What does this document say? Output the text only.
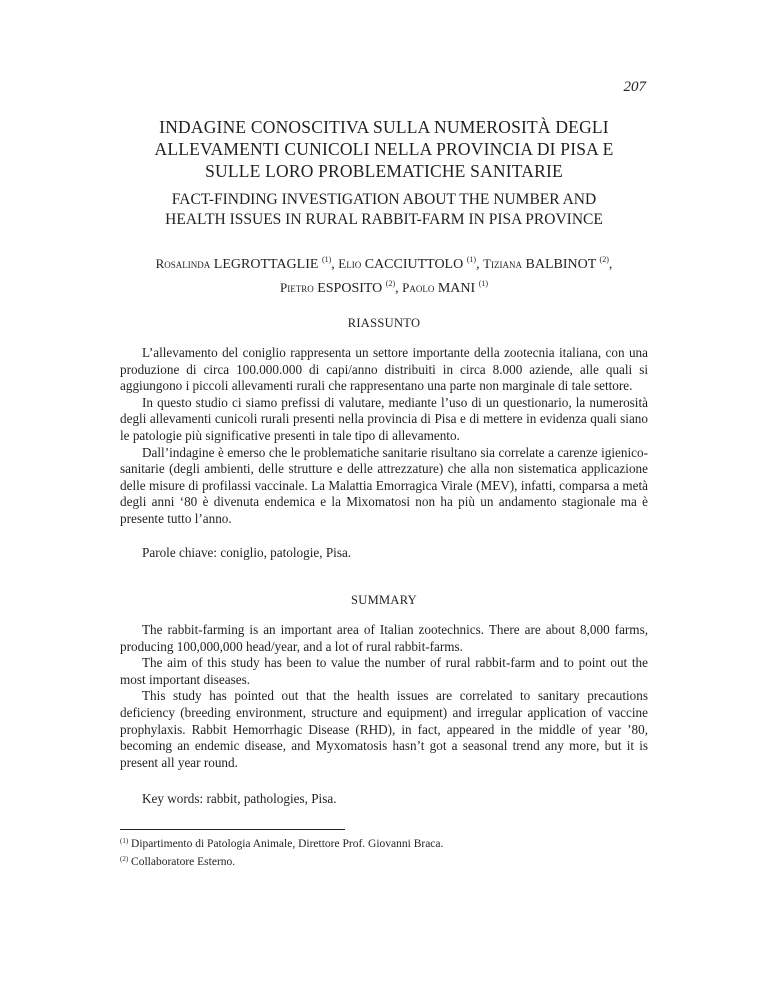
207
INDAGINE CONOSCITIVA SULLA NUMEROSITÀ DEGLI
ALLEVAMENTI CUNICOLI NELLA PROVINCIA DI PISA E
SULLE LORO PROBLEMATICHE SANITARIE
FACT-FINDING INVESTIGATION ABOUT THE NUMBER AND
HEALTH ISSUES IN RURAL RABBIT-FARM IN PISA PROVINCE
Rosalinda LEGROTTAGLIE $^{(1)}$, Elio CACCIUTTOLO $^{(1)}$, Tiziana BALBINOT $^{(2)}$,
Pietro ESPOSITO $^{(2)}$, Paolo MANI $^{(1)}$
RIASSUNTO

L’allevamento del coniglio rappresenta un settore importante della zootecnia italiana, con una produzione di circa 100.000.000 di capi/anno distribuiti in circa 8.000 aziende, alle quali si aggiungono i piccoli allevamenti rurali che rappresentano una parte non marginale di tale settore.

In questo studio ci siamo prefissi di valutare, mediante l’uso di un questionario, la numerosità degli allevamenti cunicoli rurali presenti nella provincia di Pisa e di mettere in evidenza quali siano le patologie più significative presenti in tale tipo di allevamento.

Dall’indagine è emerso che le problematiche sanitarie risultano sia correlate a carenze igienico-sanitarie (degli ambienti, delle strutture e delle attrezzature) che alla non sistematica applicazione delle misure di profilassi vaccinale. La Malattia Emorragica Virale (MEV), infatti, comparsa a metà degli anni ‘80 è divenuta endemica e la Mixomatosi non ha più un andamento stagionale ma è presente tutto l’anno.

Parole chiave: coniglio, patologie, Pisa.
SUMMARY

The rabbit-farming is an important area of Italian zootechnics. There are about 8,000 farms, producing 100,000,000 head/year, and a lot of rural rabbit-farms.

The aim of this study has been to value the number of rural rabbit-farm and to point out the most important diseases.

This study has pointed out that the health issues are correlated to sanitary precautions deficiency (breeding environment, structure and equipment) and irregular application of vaccine prophylaxis. Rabbit Hemorrhagic Disease (RHD), in fact, appeared in the middle of year ’80, becoming an endemic disease, and Myxomatosis hasn’t got a seasonal trend any more, but it is present all year round.

Key words: rabbit, pathologies, Pisa.
$^{(1)}$ Dipartimento di Patologia Animale, Direttore Prof. Giovanni Braca.
$^{(2)}$ Collaboratore Esterno.
